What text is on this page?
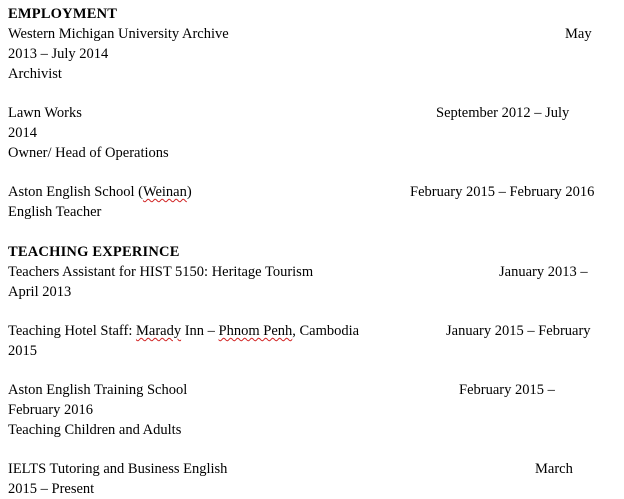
EMPLOYMENT
Western Michigan University Archive	May
2013 – July 2014
Archivist
Lawn Works	September 2012 – July
2014
Owner/ Head of Operations
Aston English School (Weinan)	February 2015 – February 2016
English Teacher
TEACHING EXPERINCE
Teachers Assistant for HIST 5150: Heritage Tourism	January 2013 –
April 2013
Teaching Hotel Staff: Marady Inn – Phnom Penh, Cambodia	January 2015 – February
2015
Aston English Training School	February 2015 –
February 2016
Teaching Children and Adults
IELTS Tutoring and Business English	March
2015 – Present
